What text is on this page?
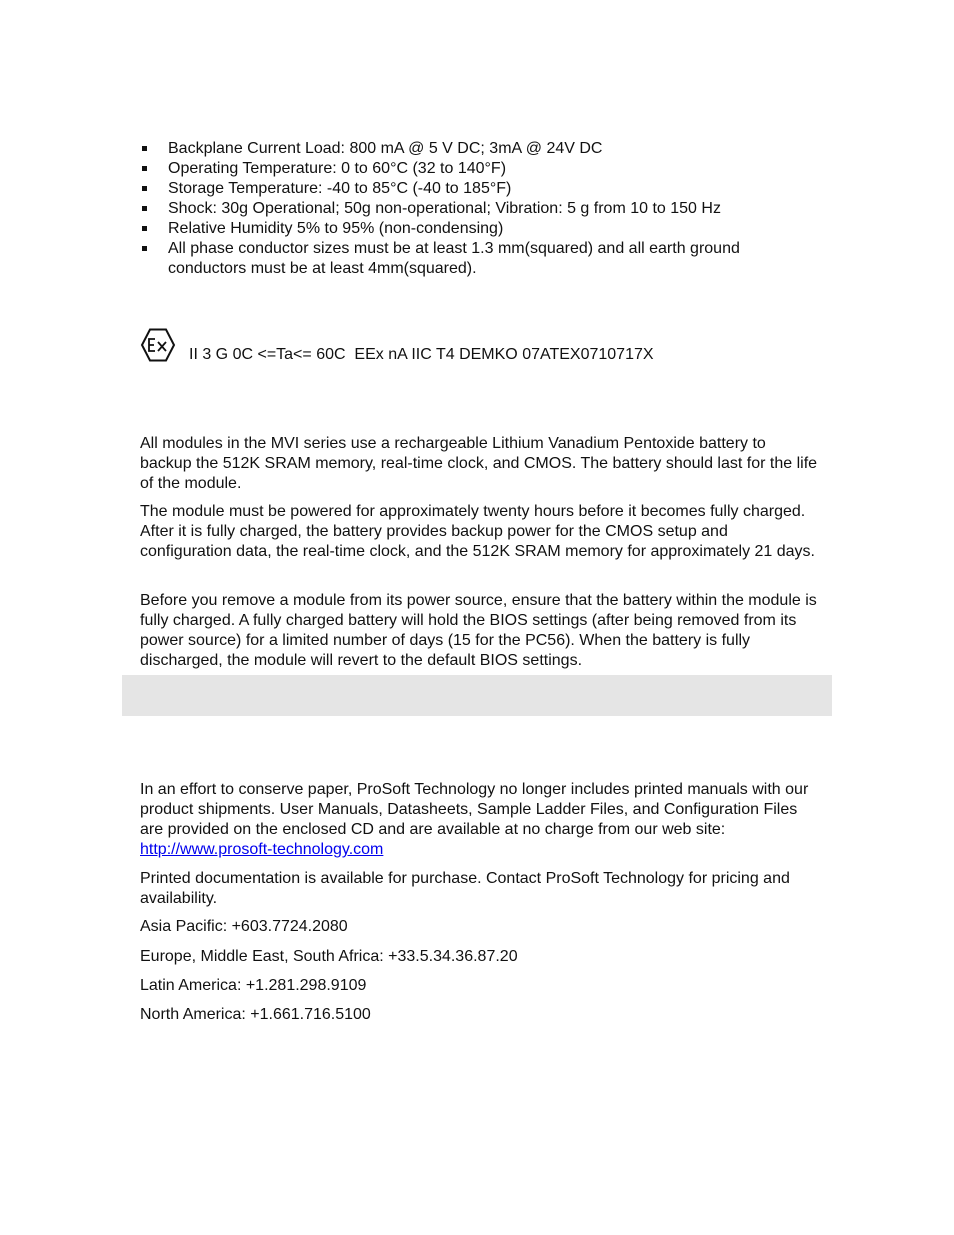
Backplane Current Load: 800 mA @ 5 V DC; 3mA @ 24V DC
Operating Temperature: 0 to 60°C (32 to 140°F)
Storage Temperature: -40 to 85°C (-40 to 185°F)
Shock: 30g Operational; 50g non-operational; Vibration: 5 g from 10 to 150 Hz
Relative Humidity 5% to 95% (non-condensing)
All phase conductor sizes must be at least 1.3 mm(squared) and all earth ground conductors must be at least 4mm(squared).
II 3 G 0C <=Ta<= 60C  EEx nA IIC T4 DEMKO 07ATEX0710717X

All modules in the MVI series use a rechargeable Lithium Vanadium Pentoxide battery to backup the 512K SRAM memory, real-time clock, and CMOS. The battery should last for the life of the module.

The module must be powered for approximately twenty hours before it becomes fully charged. After it is fully charged, the battery provides backup power for the CMOS setup and configuration data, the real-time clock, and the 512K SRAM memory for approximately 21 days.

Before you remove a module from its power source, ensure that the battery within the module is fully charged. A fully charged battery will hold the BIOS settings (after being removed from its power source) for a limited number of days (15 for the PC56). When the battery is fully discharged, the module will revert to the default BIOS settings.

In an effort to conserve paper, ProSoft Technology no longer includes printed manuals with our product shipments. User Manuals, Datasheets, Sample Ladder Files, and Configuration Files are provided on the enclosed CD and are available at no charge from our web site: http://www.prosoft-technology.com

Printed documentation is available for purchase. Contact ProSoft Technology for pricing and availability.

Asia Pacific: +603.7724.2080

Europe, Middle East, South Africa: +33.5.34.36.87.20

Latin America: +1.281.298.9109

North America: +1.661.716.5100
